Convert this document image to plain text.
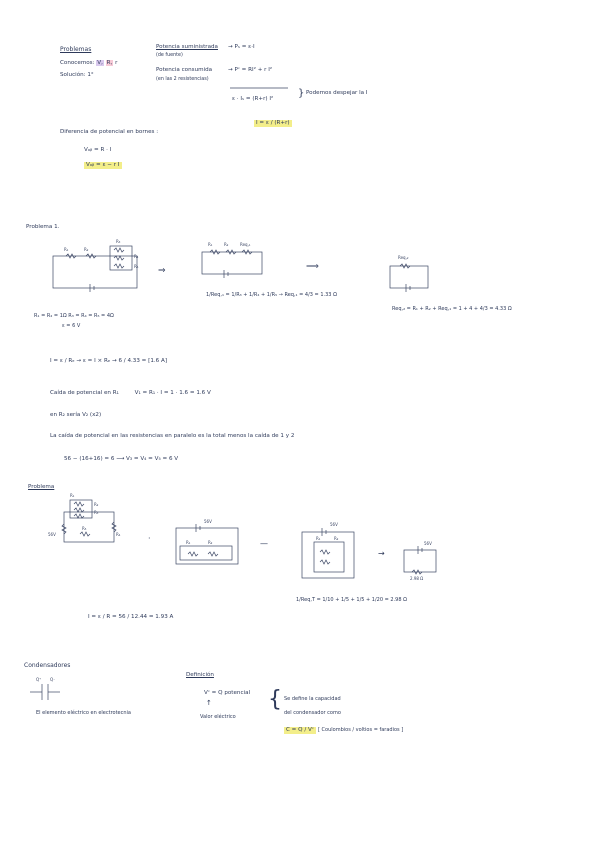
Problemas
Conocemos: V, R, r
Solución: 1°
Potencia suministrada
(de fuente)
→ Pₛ = ε·I
Potencia consumida
(en las 2 resistencias)
→ Pᶜ = RI² + r I²
ε · Iₛ = (R+r) I² } Podemos despejar la I
I = ε / (R+r)
Diferencia de potencial en bornes :
Vₐᵦ = R · I
Vₐᵦ = ε − r I
Problema 1.
R₁	R₂
R₃
R₄
R₅ ⇒
R₁	R₂	Req,₁
⟹
Req,₂
1/Req,₁ = 1/R₃ + 1/R₄ + 1/R₅ → Req,₁ = 4/3 = 1.33 Ω
Req,₂ = R₁ + R₂ + Req,₁ = 1 + 4 + 4/3 = 4.33 Ω
R₁ = R₂ = 1Ω R₃ = R₄ = R₅ = 4Ω
ε = 6 V
I = ε / Rₑ → ε = I × Rₑ → 6 / 4.33 = [1.6 A]
Caída de potencial en R₁	V₁ = R₁ · I = 1 · 1.6 = 1.6 V
en R₂ sería V₂ (x2)
La caída de potencial en las resistencias en paralelo es la total menos la caída de 1 y 2
56 − (16+16) = 6 ⟶ V₃ = V₄ = V₅ = 6 V
Problema
R₁
R₂
R₃
R₄
R₅
56V	·
56V
R₁	R₂	—
56V
R₁	R₂
→
56V
2.98 Ω
1/Req,T = 1/10 + 1/5 + 1/5 + 1/20 = 2.98 Ω
I = ε / R = 56 / 12.44 = 1.93 A
Condensadores
Q⁺ Q⁻
El elemento eléctrico en electrotecnia
Definición
Vᶜ = Q potencial
↑
Valor eléctrico
{ Se define la capacidad
del condensador como
C = Q / Vᶜ [ Coulombios / voltios = faradios ]
